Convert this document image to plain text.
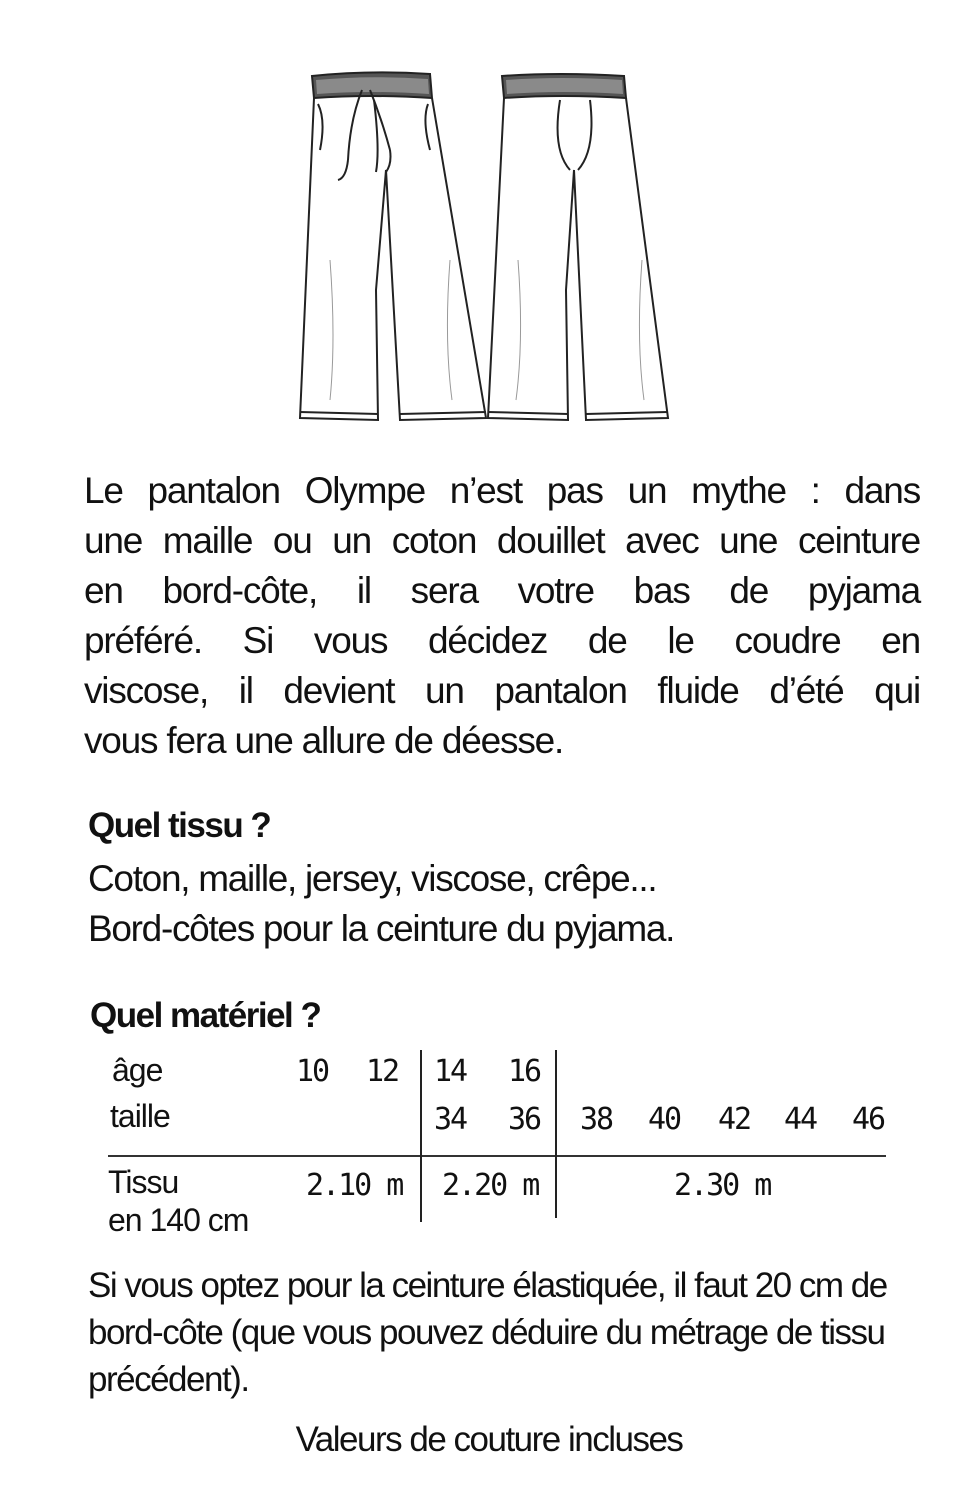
Le pantalon Olympe n’est pas un mythe : dans
une maille ou un coton douillet avec une ceinture
en bord-côte, il sera votre bas de pyjama
préféré. Si vous décidez de le coudre en
viscose, il devient un pantalon fluide d’été qui
vous fera une allure de déesse.
Quel tissu ?
Coton, maille, jersey, viscose, crêpe...
Bord-côtes pour la ceinture du pyjama.
Quel matériel ?
âge
taille
10 12 14 16
34 36 38 40 42 44 46
Tissu
en 140 cm
2.10 m 2.20 m	2.30 m
Si vous optez pour la ceinture élastiquée, il faut 20 cm de bord-côte (que vous pouvez déduire du métrage de tissu précédent).
Valeurs de couture incluses
